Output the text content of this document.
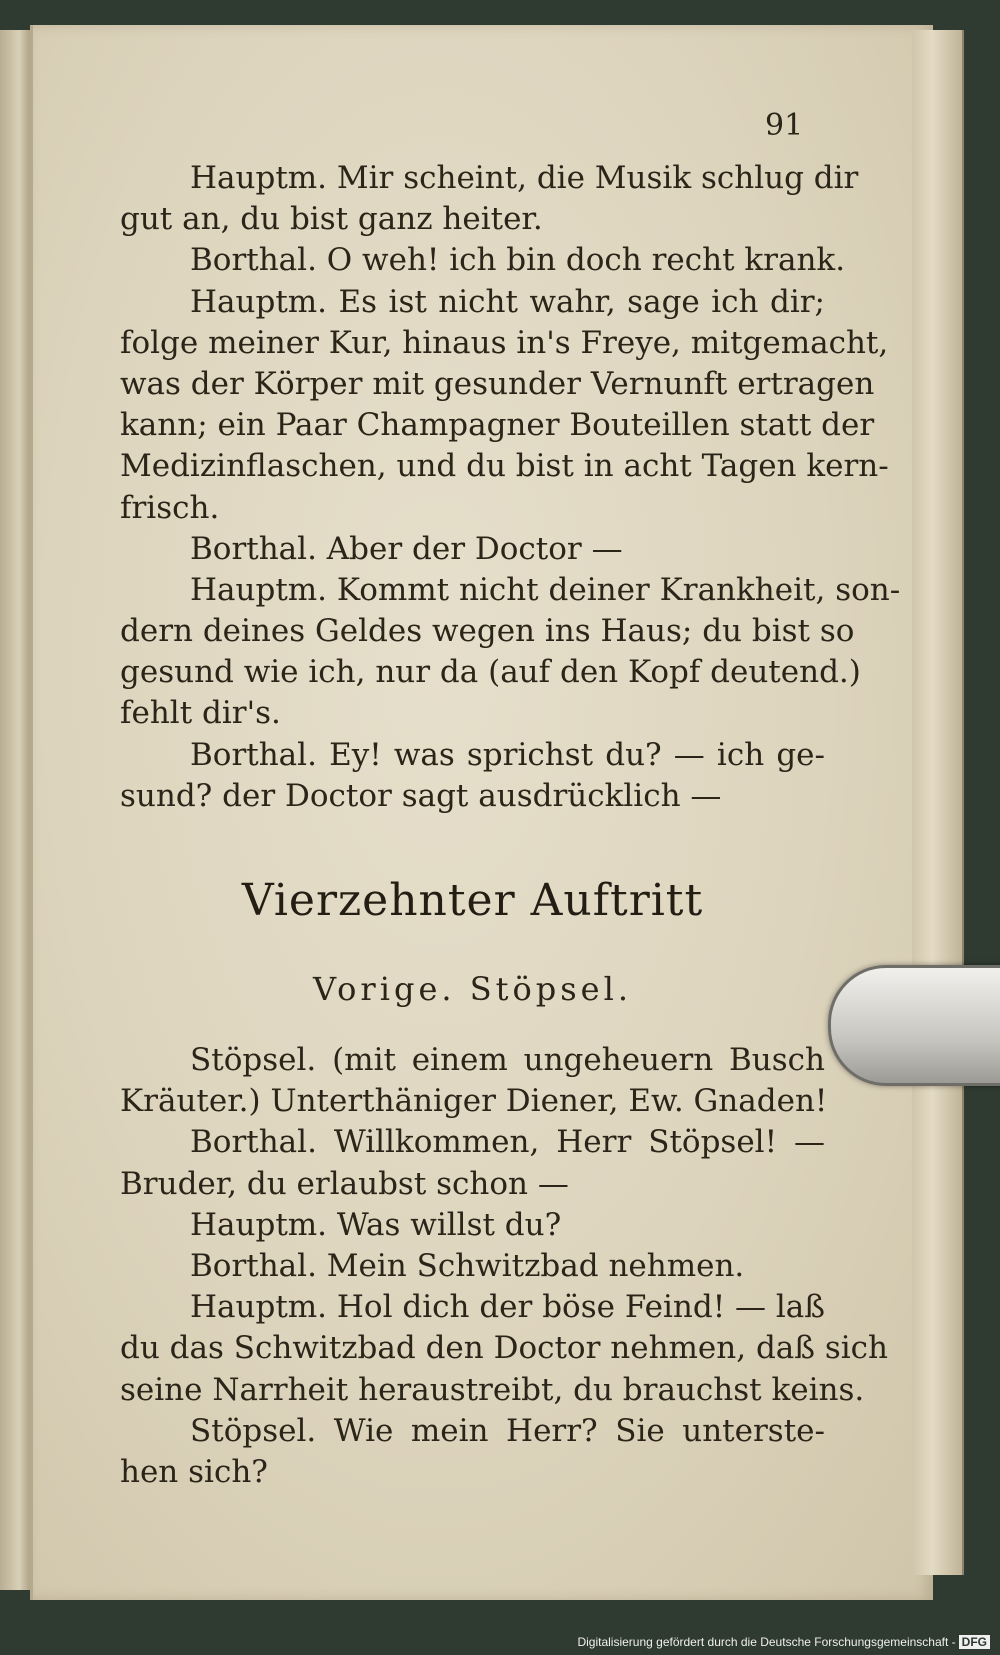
91
Hauptm. Mir scheint, die Musik schlug dir
gut an, du bist ganz heiter.
Borthal. O weh! ich bin doch recht krank.
Hauptm. Es ist nicht wahr, sage ich dir;
folge meiner Kur, hinaus in's Freye, mitgemacht,
was der Körper mit gesunder Vernunft ertragen
kann; ein Paar Champagner Bouteillen statt der
Medizinflaschen, und du bist in acht Tagen kern-
frisch.
Borthal. Aber der Doctor —
Hauptm. Kommt nicht deiner Krankheit, son-
dern deines Geldes wegen ins Haus; du bist so
gesund wie ich, nur da (auf den Kopf deutend.)
fehlt dir's.
Borthal. Ey! was sprichst du? — ich ge-
sund? der Doctor sagt ausdrücklich —
Vierzehnter Auftritt
Vorige. Stöpsel.
Stöpsel. (mit einem ungeheuern Busch
Kräuter.) Unterthäniger Diener, Ew. Gnaden!
Borthal. Willkommen, Herr Stöpsel! —
Bruder, du erlaubst schon —
Hauptm. Was willst du?
Borthal. Mein Schwitzbad nehmen.
Hauptm. Hol dich der böse Feind! — laß
du das Schwitzbad den Doctor nehmen, daß sich
seine Narrheit heraustreibt, du brauchst keins.
Stöpsel. Wie mein Herr? Sie unterste-
hen sich?
Digitalisierung gefördert durch die Deutsche Forschungsgemeinschaft - DFG
